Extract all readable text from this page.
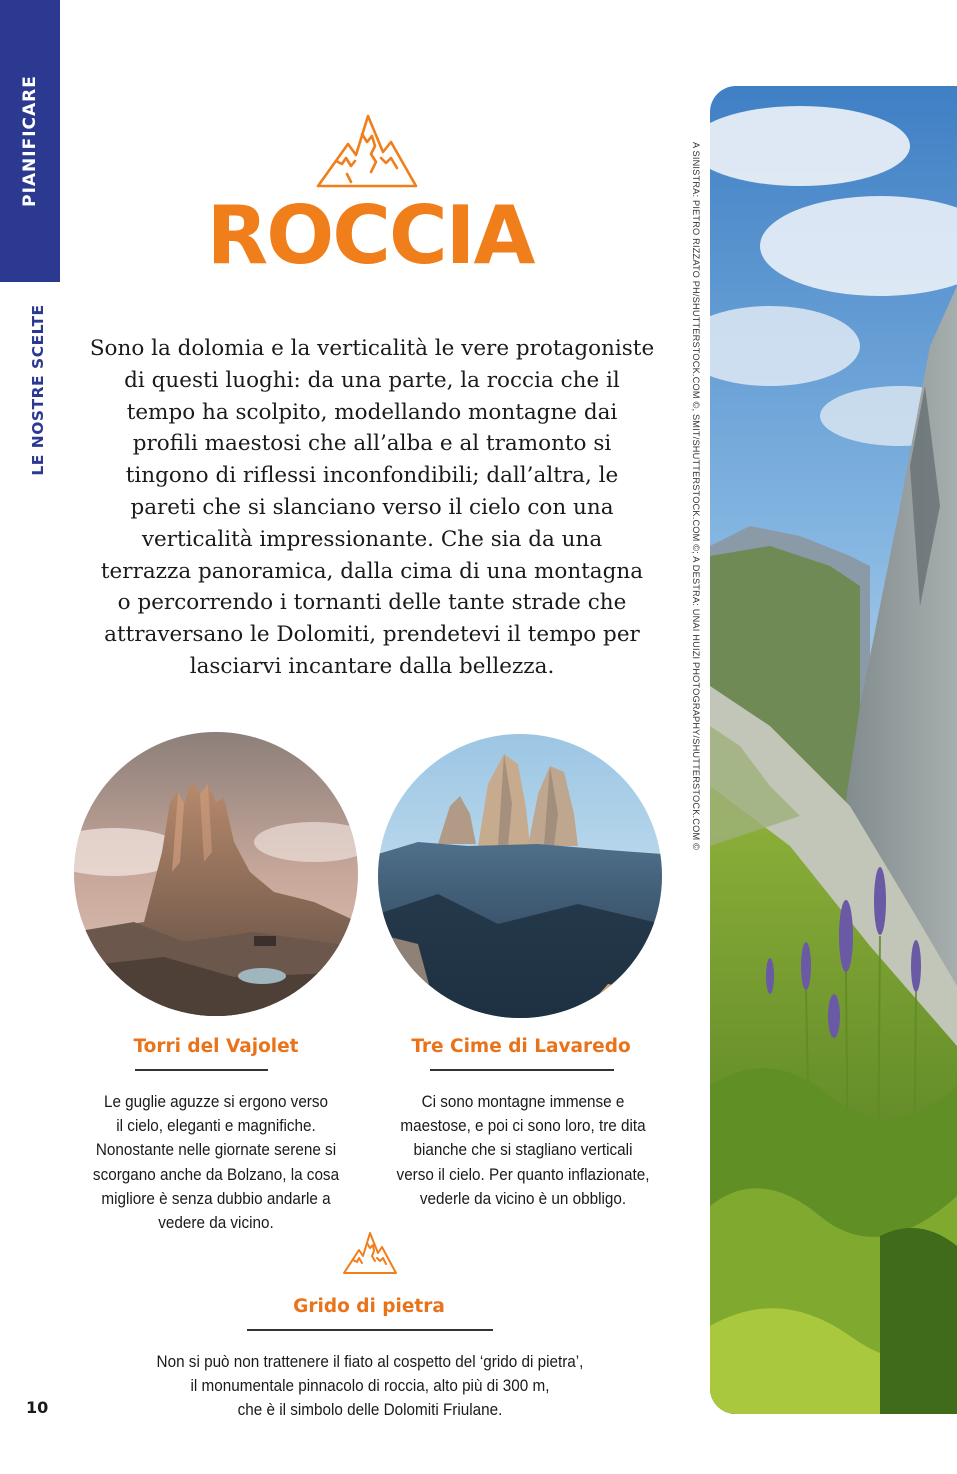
PIANIFICARE
LE NOSTRE SCELTE
ROCCIA
Sono la dolomia e la verticalità le vere protagoniste
di questi luoghi: da una parte, la roccia che il
tempo ha scolpito, modellando montagne dai
profili maestosi che all’alba e al tramonto si
tingono di riflessi inconfondibili; dall’altra, le
pareti che si slanciano verso il cielo con una
verticalità impressionante. Che sia da una
terrazza panoramica, dalla cima di una montagna
o percorrendo i tornanti delle tante strade che
attraversano le Dolomiti, prendetevi il tempo per
lasciarvi incantare dalla bellezza.
Torri del Vajolet
Le guglie aguzze si ergono verso
il cielo, eleganti e magnifiche.
Nonostante nelle giornate serene si
scorgano anche da Bolzano, la cosa
migliore è senza dubbio andarle a
vedere da vicino.
Tre Cime di Lavaredo
Ci sono montagne immense e
maestose, e poi ci sono loro, tre dita
bianche che si stagliano verticali
verso il cielo. Per quanto inflazionate,
vederle da vicino è un obbligo.
Grido di pietra
Non si può non trattenere il fiato al cospetto del ‘grido di pietra’,
il monumentale pinnacolo di roccia, alto più di 300 m,
che è il simbolo delle Dolomiti Friulane.
10
A SINISTRA: PIETRO RIZZATO PH/SHUTTERSTOCK.COM ©, SMIT/SHUTTERSTOCK.COM ©; A DESTRA: UNAI HUIZI PHOTOGRAPHY/SHUTTERSTOCK.COM ©
